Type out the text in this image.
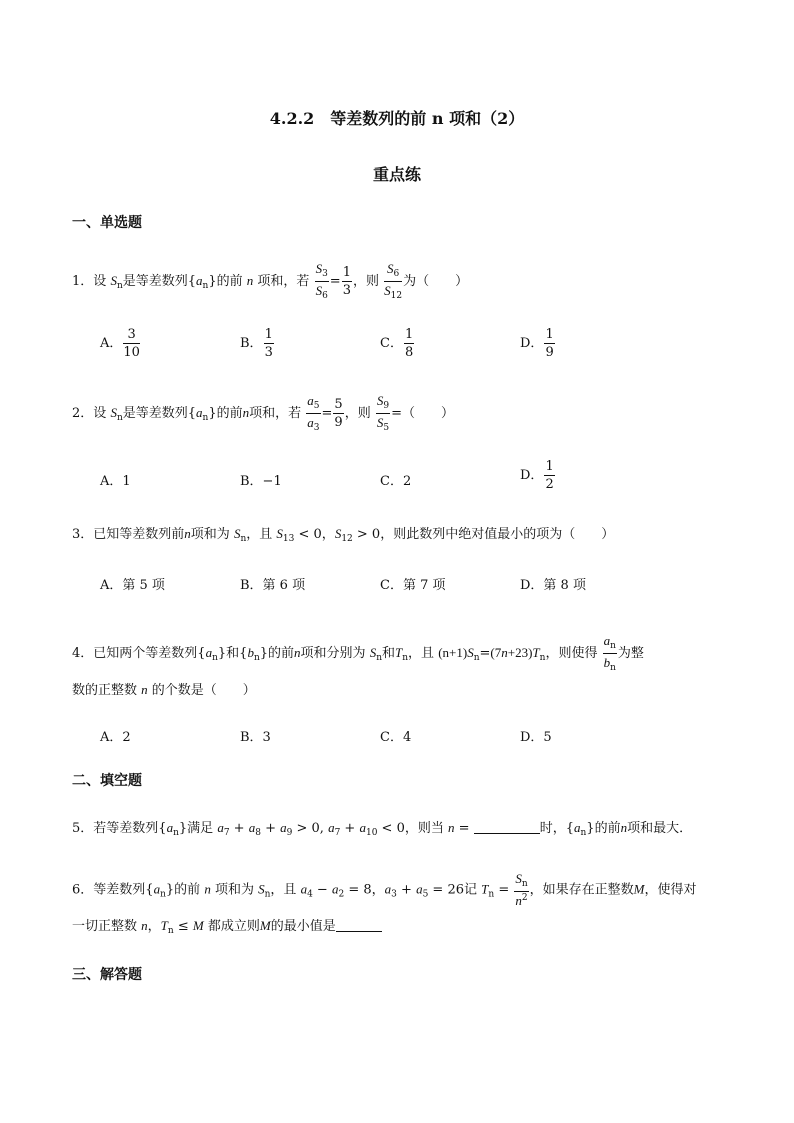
4.2.2　等差数列的前 n 项和（2）
重点练
一、单选题
1．设 $S_n$是等差数列$\{a_n\}$的前 n 项和，若 $\frac{S_3}{S_6} = \frac{1}{3}$ ，则 $\frac{S_6}{S_{12}}$ 为（　　）
A． $\frac{3}{10}$	B． $\frac{1}{3}$	C． $\frac{1}{8}$	D． $\frac{1}{9}$
2．设 $S_n$是等差数列$\{a_n\}$的前n项和，若 $\frac{a_5}{a_3} = \frac{5}{9}$ ，则 $\frac{S_9}{S_5}$ =（　　）
A．1	B．−1	C．2	D． $\frac{1}{2}$
3．已知等差数列前n项和为 $S_n$，且 $S_{13} < 0$，$S_{12} > 0$，则此数列中绝对值最小的项为（　　）
A．第 5 项	B．第 6 项	C．第 7 项	D．第 8 项
4．已知两个等差数列$\{a_n\}$和$\{b_n\}$的前n项和分别为 $S_n$和$T_n$，且 $(n+1)S_n=(7n+23)T_n$，则使得 $\frac{a_n}{b_n}$ 为整
数的正整数 n 的个数是（　　）
A．2	B．3	C．4	D．5
二、填空题
5．若等差数列$\{a_n\}$满足 $a_7 + a_8 + a_9 > 0$, $a_7 + a_{10} < 0$，则当 n =	时，$\{a_n\}$的前n项和最大．
6．等差数列$\{a_n\}$的前 n 项和为 $S_n$，且 $a_4 - a_2 = 8$，$a_3 + a_5 = 26$记 $T_n = \frac{S_n}{n^2}$ ，如果存在正整数M，使得对
一切正整数 n，$T_n \le M$ 都成立则M的最小值是
三、解答题
